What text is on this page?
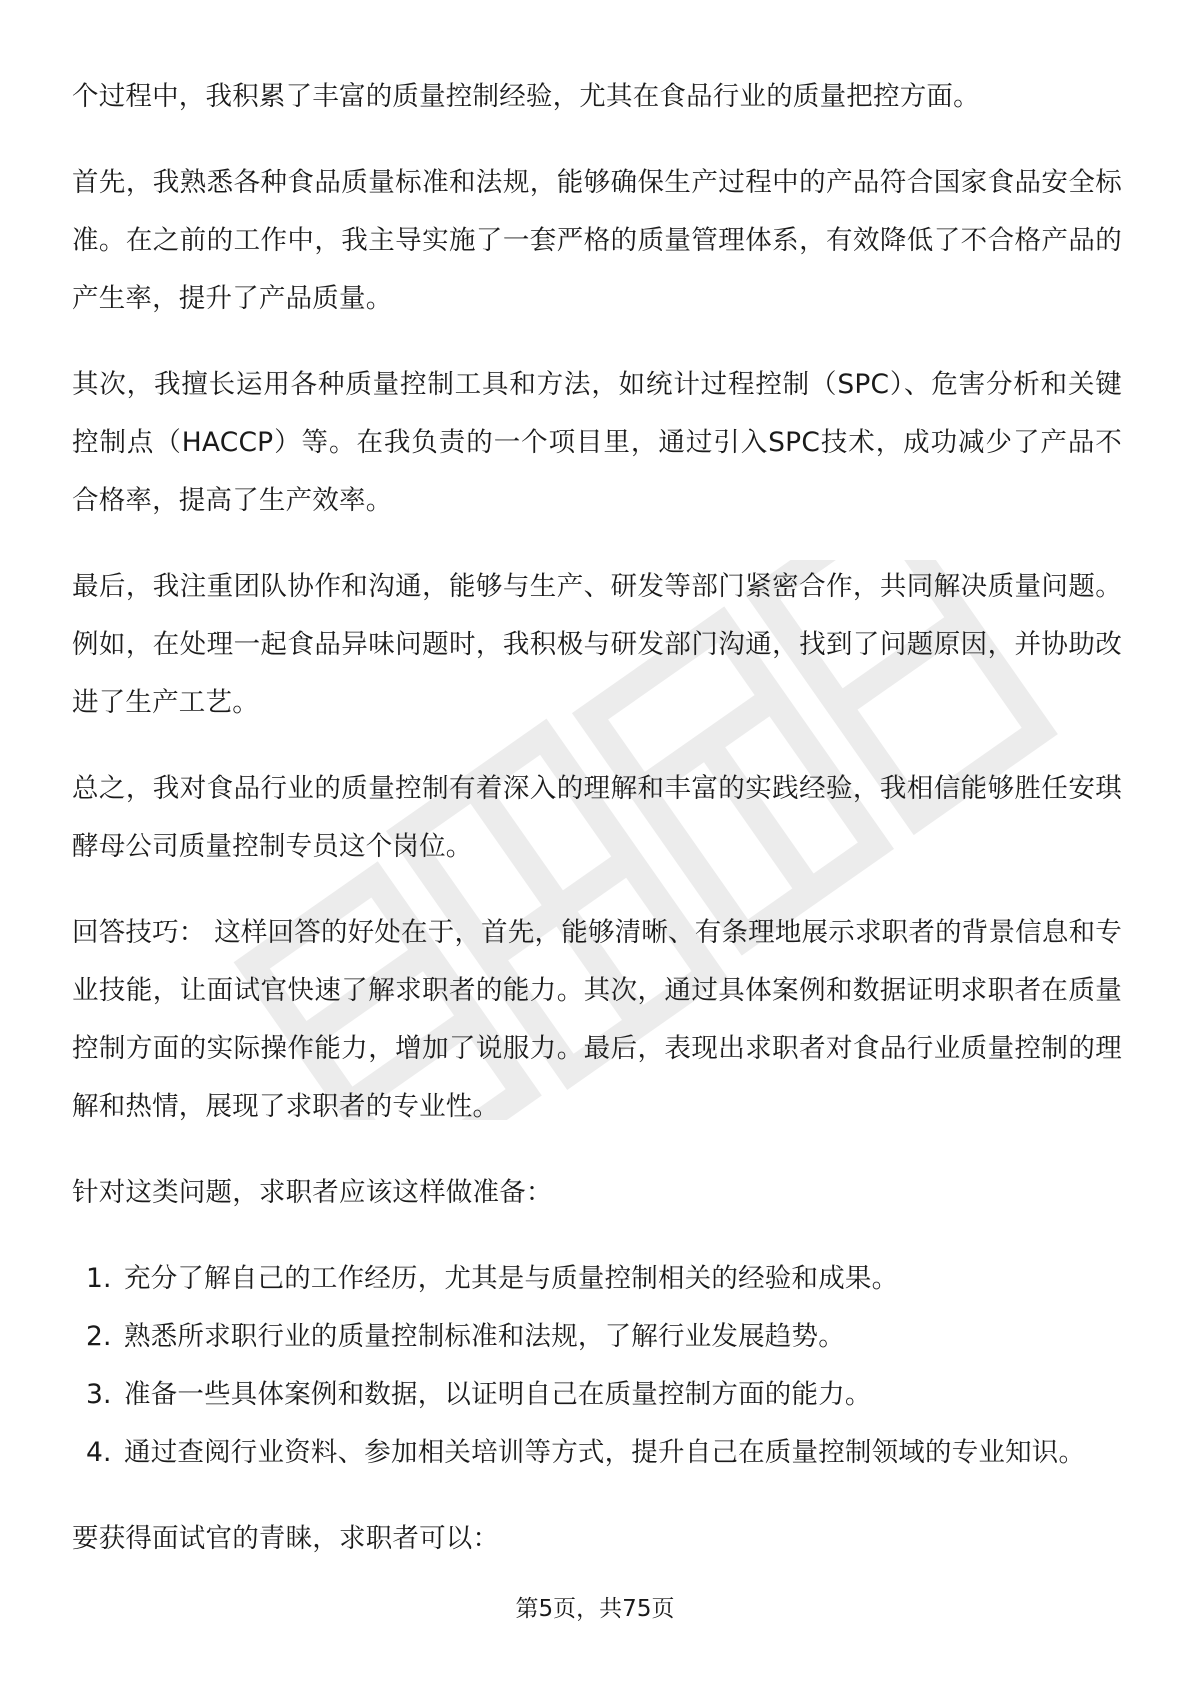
个过程中，我积累了丰富的质量控制经验，尤其在食品行业的质量把控方面。

首先，我熟悉各种食品质量标准和法规，能够确保生产过程中的产品符合国家食品安全标准。在之前的工作中，我主导实施了一套严格的质量管理体系，有效降低了不合格产品的产生率，提升了产品质量。

其次，我擅长运用各种质量控制工具和方法，如统计过程控制（SPC）、危害分析和关键控制点（HACCP）等。在我负责的一个项目里，通过引入SPC技术，成功减少了产品不合格率，提高了生产效率。

最后，我注重团队协作和沟通，能够与生产、研发等部门紧密合作，共同解决质量问题。例如，在处理一起食品异味问题时，我积极与研发部门沟通，找到了问题原因，并协助改进了生产工艺。

总之，我对食品行业的质量控制有着深入的理解和丰富的实践经验，我相信能够胜任安琪酵母公司质量控制专员这个岗位。

回答技巧： 这样回答的好处在于，首先，能够清晰、有条理地展示求职者的背景信息和专业技能，让面试官快速了解求职者的能力。其次，通过具体案例和数据证明求职者在质量控制方面的实际操作能力，增加了说服力。最后，表现出求职者对食品行业质量控制的理解和热情，展现了求职者的专业性。

针对这类问题，求职者应该这样做准备：

1. 充分了解自己的工作经历，尤其是与质量控制相关的经验和成果。
2. 熟悉所求职行业的质量控制标准和法规，了解行业发展趋势。
3. 准备一些具体案例和数据，以证明自己在质量控制方面的能力。
4. 通过查阅行业资料、参加相关培训等方式，提升自己在质量控制领域的专业知识。

要获得面试官的青睐，求职者可以：

第5页，共75页
